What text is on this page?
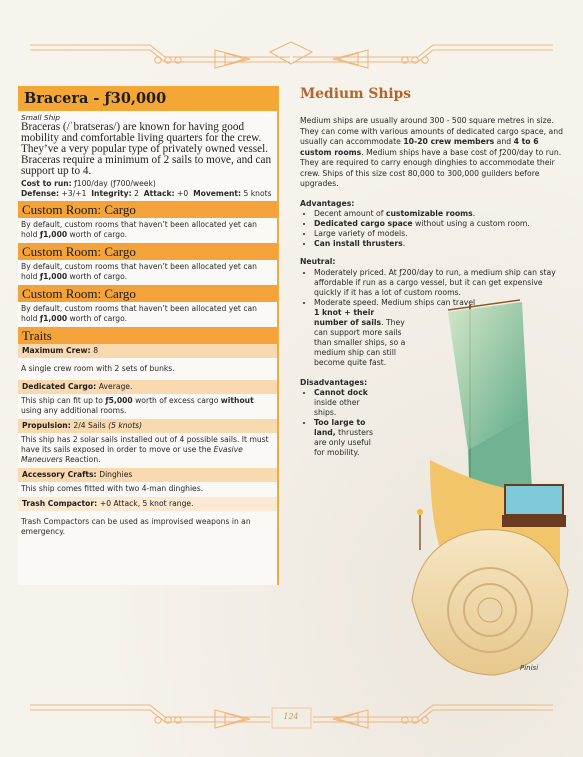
Bracera - ƒ30,000
Small Ship
Braceras (/ˈbratseras/) are known for having good mobility and comfortable living quarters for the crew. They’ve a very popular type of privately owned vessel. Braceras require a minimum of 2 sails to move, and can support up to 4.
Cost to run: ƒ100/day (ƒ700/week)
Defense: +3/+1 Integrity: 2 Attack: +0 Movement: 5 knots
Custom Room: Cargo
By default, custom rooms that haven’t been allocated yet can hold ƒ1,000 worth of cargo.
Custom Room: Cargo
By default, custom rooms that haven’t been allocated yet can hold ƒ1,000 worth of cargo.
Custom Room: Cargo
By default, custom rooms that haven’t been allocated yet can hold ƒ1,000 worth of cargo.
Traits
Maximum Crew: 8
A single crew room with 2 sets of bunks.
Dedicated Cargo: Average.
This ship can fit up to ƒ5,000 worth of excess cargo without using any additional rooms.
Propulsion: 2/4 Sails (5 knots)
This ship has 2 solar sails installed out of 4 possible sails. It must have its sails exposed in order to move or use the Evasive Maneuvers Reaction.
Accessory Crafts: Dinghies
This ship comes fitted with two 4-man dinghies.
Trash Compactor: +0 Attack, 5 knot range.
Trash Compactors can be used as improvised weapons in an emergency.
Medium Ships

Medium ships are usually around 300 - 500 square metres in size. They can come with various amounts of dedicated cargo space, and usually can accommodate 10-20 crew members and 4 to 6 custom rooms. Medium ships have a base cost of ƒ200/day to run. They are required to carry enough dinghies to accommodate their crew. Ships of this size cost 80,000 to 300,000 guilders before upgrades.

Advantages:

• Decent amount of customizable rooms.
• Dedicated cargo space without using a custom room.
• Large variety of models.
• Can install thrusters.

Neutral:

• Moderately priced. At ƒ200/day to run, a medium ship can stay affordable if run as a cargo vessel, but it can get expensive quickly if it has a lot of custom rooms.
• Moderate speed. Medium ships can travel
1 knot + their number of sails. They can support more sails than smaller ships, so a medium ship can still become quite fast.

Disadvantages:

• Cannot dock inside other ships.
• Too large to land, thrusters are only useful for mobility.
Pinisi
124
